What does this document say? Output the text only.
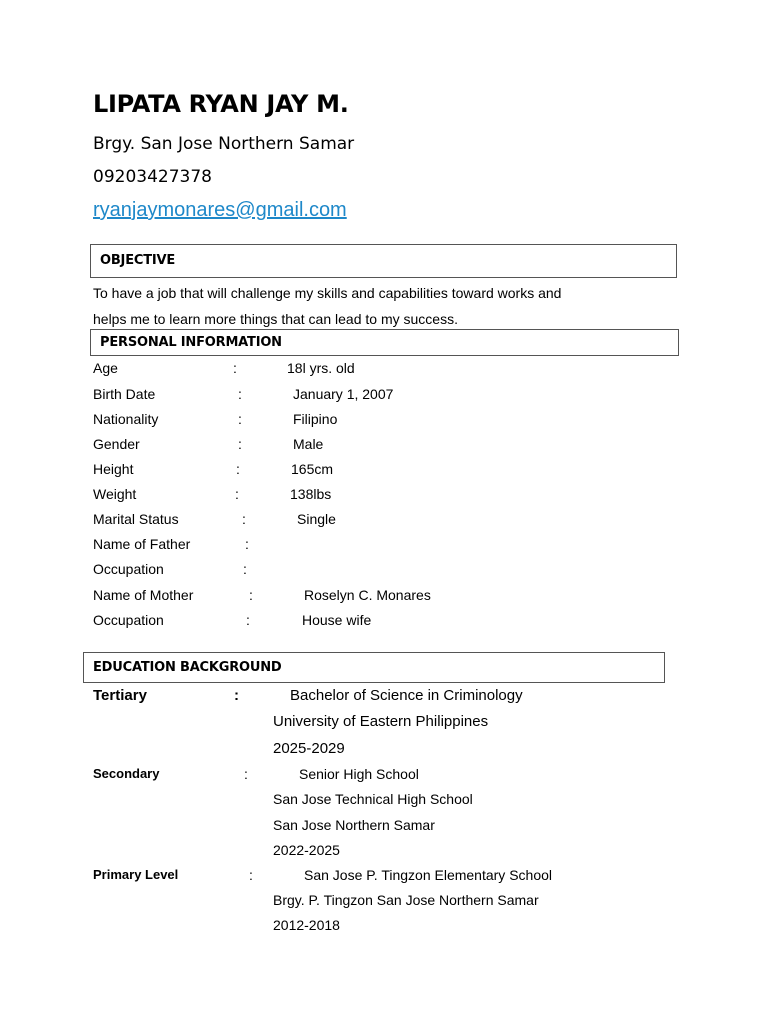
LIPATA RYAN JAY M.
Brgy. San Jose Northern Samar
09203427378
ryanjaymonares@gmail.com
OBJECTIVE
To have a job that will challenge my skills and capabilities toward works and
helps me to learn more things that can lead to my success.
PERSONAL INFORMATION
Age	:	18l yrs. old
Birth Date	:	January 1, 2007
Nationality	:	Filipino
Gender	:	Male
Height	:	165cm
Weight	:	138lbs
Marital Status	:	Single
Name of Father	:
Occupation	:
Name of Mother	:	Roselyn C. Monares
Occupation	:	House wife
EDUCATION BACKGROUND
Tertiary	:	Bachelor of Science in Criminology
University of Eastern Philippines
2025-2029
Secondary	:	Senior High School
San Jose Technical High School
San Jose Northern Samar
2022-2025
Primary Level	:	San Jose P. Tingzon Elementary School
Brgy. P. Tingzon San Jose Northern Samar
2012-2018
